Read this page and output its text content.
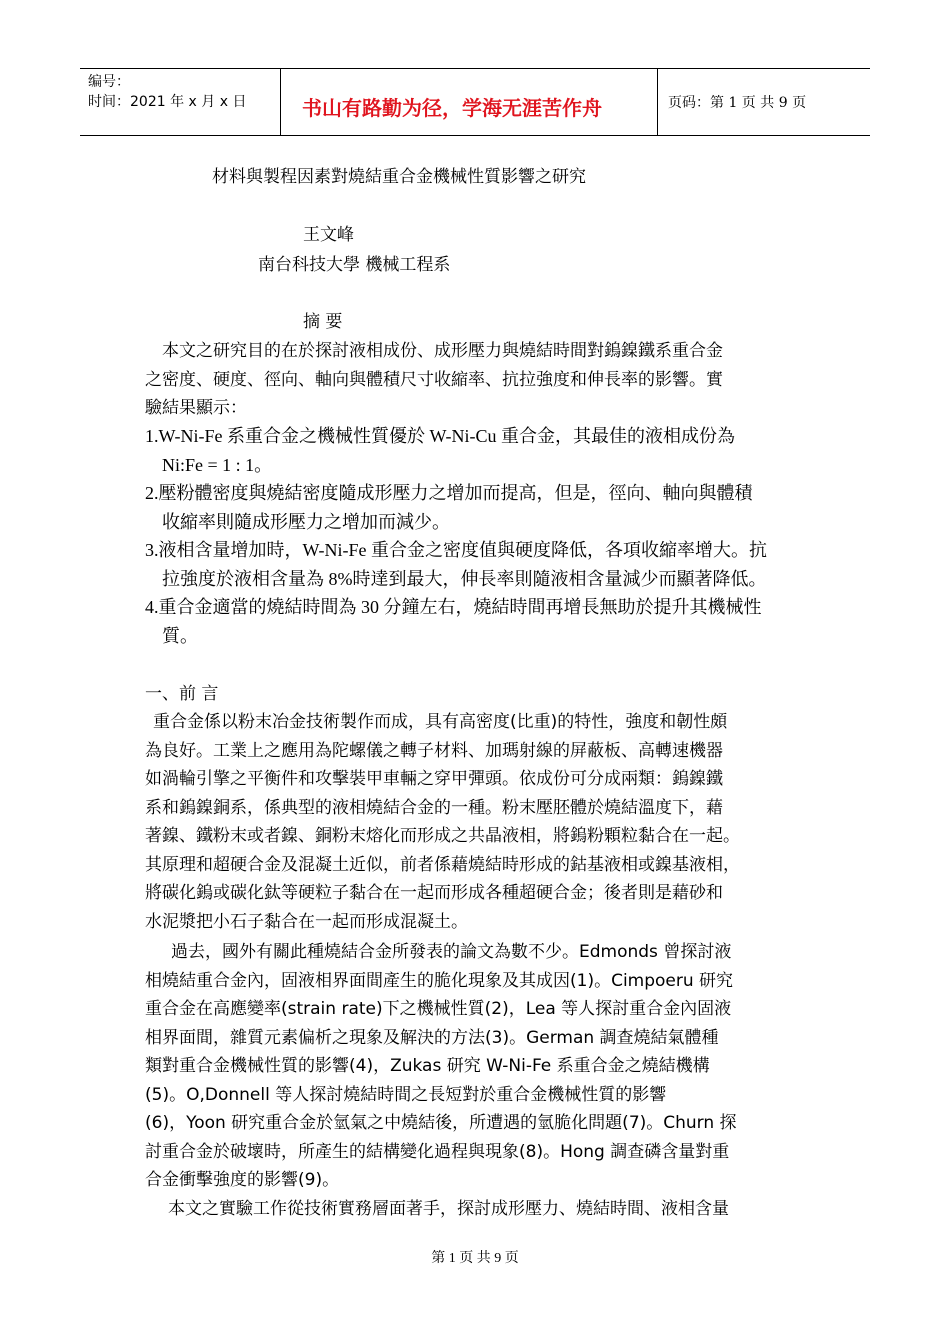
编号：
时间：2021 年 x 月 x 日	书山有路勤为径，学海无涯苦作舟	页码：第 1 页 共 9 页
材料與製程因素對燒結重合金機械性質影響之研究
王文峰
南台科技大學 機械工程系
摘 要
本文之研究目的在於探討液相成份、成形壓力與燒結時間對鎢鎳鐵系重合金
之密度、硬度、徑向、軸向與體積尺寸收縮率、抗拉強度和伸長率的影響。實
驗結果顯示：
1.W-Ni-Fe 系重合金之機械性質優於 W-Ni-Cu 重合金，其最佳的液相成份為
Ni:Fe = 1 : 1。
2.壓粉體密度與燒結密度隨成形壓力之增加而提高，但是，徑向、軸向與體積
收縮率則隨成形壓力之增加而減少。
3.液相含量增加時，W-Ni-Fe 重合金之密度值與硬度降低，各項收縮率增大。抗
拉強度於液相含量為 8%時達到最大，伸長率則隨液相含量減少而顯著降低。
4.重合金適當的燒結時間為 30 分鐘左右，燒結時間再增長無助於提升其機械性
質。
一、前 言
重合金係以粉末冶金技術製作而成，具有高密度(比重)的特性，強度和韌性頗
為良好。工業上之應用為陀螺儀之轉子材料、加瑪射線的屏蔽板、高轉速機器
如渦輪引擎之平衡件和攻擊裝甲車輛之穿甲彈頭。依成份可分成兩類：鎢鎳鐵
系和鎢鎳銅系，係典型的液相燒結合金的一種。粉末壓胚體於燒結溫度下，藉
著鎳、鐵粉末或者鎳、銅粉末熔化而形成之共晶液相，將鎢粉顆粒黏合在一起。
其原理和超硬合金及混凝土近似，前者係藉燒結時形成的鈷基液相或鎳基液相，
將碳化鎢或碳化鈦等硬粒子黏合在一起而形成各種超硬合金；後者則是藉砂和
水泥漿把小石子黏合在一起而形成混凝土。
過去，國外有關此種燒結合金所發表的論文為數不少。Edmonds 曾探討液
相燒結重合金內，固液相界面間產生的脆化現象及其成因(1)。Cimpoeru 研究
重合金在高應變率(strain rate)下之機械性質(2)，Lea 等人探討重合金內固液
相界面間，雜質元素偏析之現象及解決的方法(3)。German 調查燒結氣體種
類對重合金機械性質的影響(4)，Zukas 研究 W-Ni-Fe 系重合金之燒結機構
(5)。O,Donnell 等人探討燒結時間之長短對於重合金機械性質的影響
(6)，Yoon 研究重合金於氫氣之中燒結後，所遭遇的氫脆化問題(7)。Churn 探
討重合金於破壞時，所產生的結構變化過程與現象(8)。Hong 調查磷含量對重
合金衝擊強度的影響(9)。
本文之實驗工作從技術實務層面著手，探討成形壓力、燒結時間、液相含量
第 1 页 共 9 页
